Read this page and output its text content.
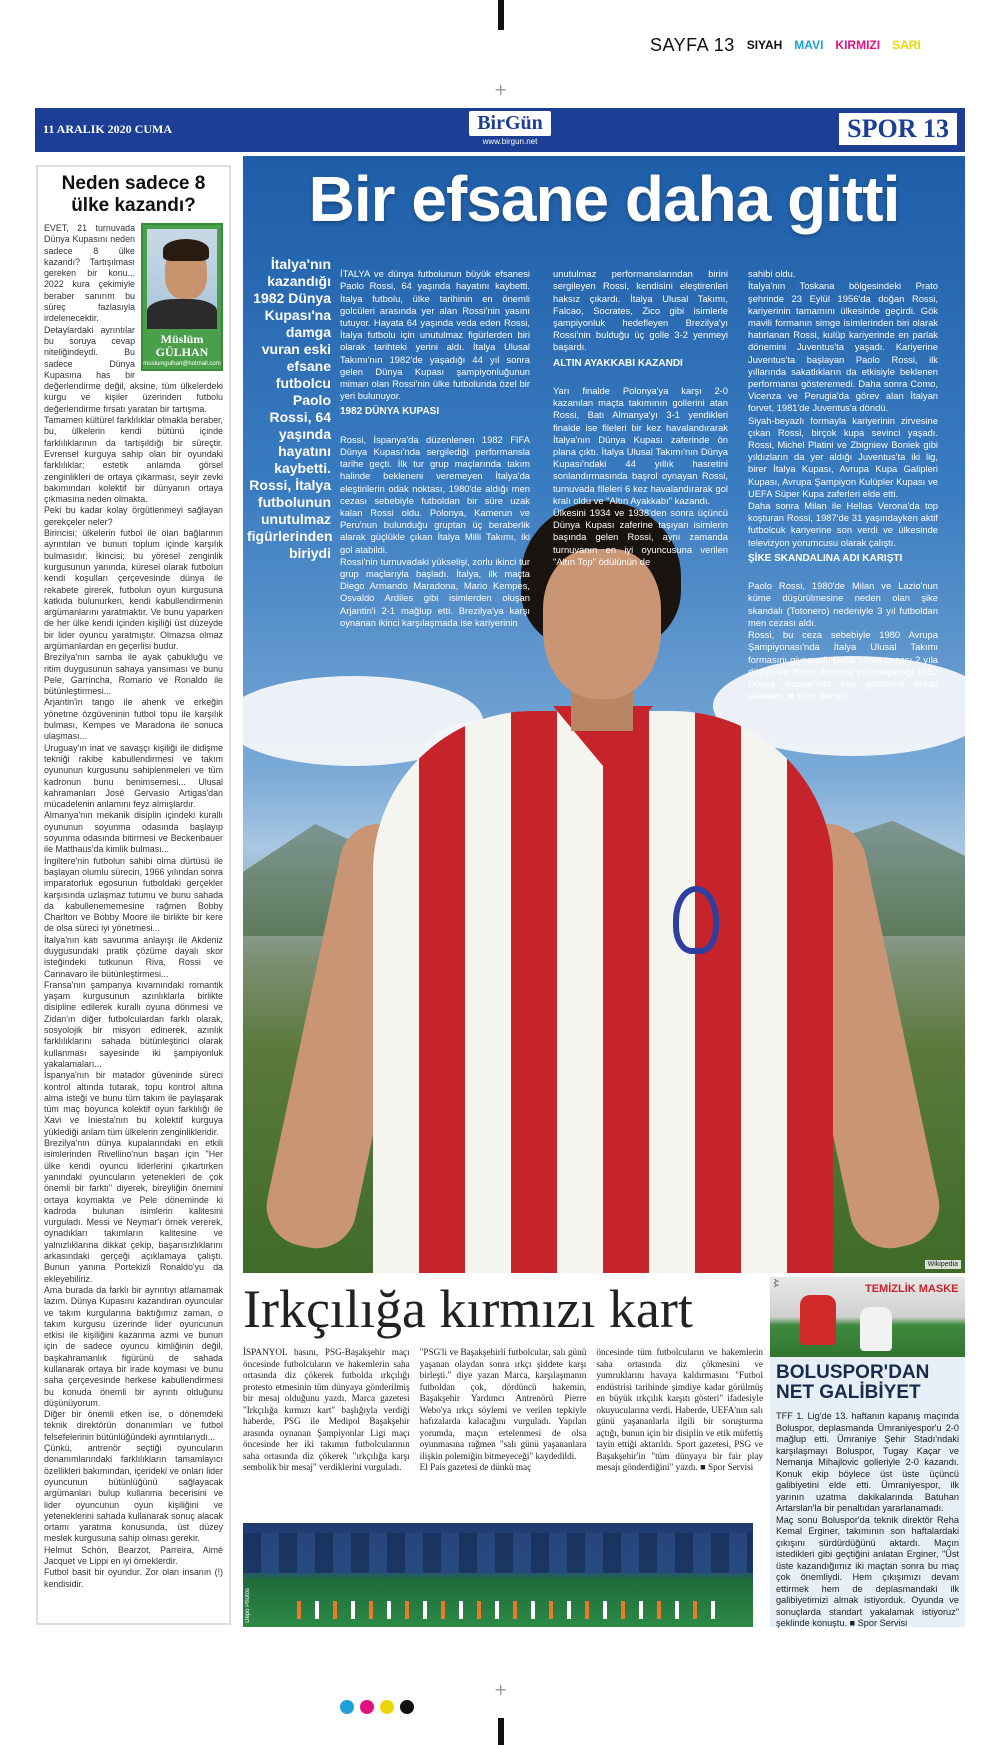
+
+
SAYFA 13 SIYAH MAVI KIRMIZI SARI
11 ARALIK 2020 CUMA	BirGün
www.birgun.net	SPOR 13
Neden sadece 8 ülke kazandı?
Müslüm GÜLHAN
muslumgulhan@hotmail.com
EVET, 21 turnuvada Dünya Kupasını neden sadece 8 ülke kazandı? Tartışılması gereken bir konu... 2022 kura çekimiyle beraber sanırım bu süreç fazlasıyla irdelenecektir.
Detaylardaki ayrıntılar bu soruya cevap niteliğindeydi. Bu sadece Dünya Kupasına has bir değerlendirme değil, aksine, tüm ülkelerdeki kurgu ve kişiler üzerinden futbolu değerlendirme fırsatı yaratan bir tartışma.
Tamamen kültürel farklılıklar olmakla beraber, bu, ülkelerin kendi bütünü içinde farklılıklarının da tartışıldığı bir süreçtir. Evrensel kurguya sahip olan bir oyundaki farklılıklar; estetik anlamda görsel zenginlikleri de ortaya çıkarması, seyir zevki bakımından kolektif bir dünyanın ortaya çıkmasına neden olmakta.
Peki bu kadar kolay örgütlenmeyi sağlayan gerekçeler neler?
Birincisi; ülkelerin futbol ile olan bağlarının ayrıntıları ve bunun toplum içinde karşılık bulmasıdır. İkincisi; bu yöresel zenginlik kurgusunun yanında, küresel olarak futbolun kendi koşulları çerçevesinde dünya ile rekabete girerek, futbolun oyun kurgusuna katkıda bulunurken, kendi kabullendirmenin argümanlarını yaratmaktır. Ve bunu yaparken de her ülke kendi içinden kişiliği üst düzeyde bir lider oyuncu yaratmıştır. Olmazsa olmaz argümanlardan en geçerlisi budur.
Brezilya'nın samba ile ayak çabukluğu ve ritim duygusunun sahaya yansıması ve bunu Pele, Garrincha, Romario ve Ronaldo ile bütünleştirmesi...
Arjantin'in tango ile ahenk ve erkeğin yönetme özgüveninin futbol topu ile karşılık bulması, Kempes ve Maradona ile sonuca ulaşması...
Uruguay'ın inat ve savaşçı kişiliği ile didişme tekniği rakibe kabullendirmesi ve takım oyununun kurgusunu sahiplenmeleri ve tüm kadronun bunu benimsemesi... Ulusal kahramanları José Gervasio Artigas'dan mücadelenin anlamını feyz almışlardır.
Almanya'nın mekanik disiplin içindeki kurallı oyununun soyunma odasında başlayıp soyunma odasında bitirmesi ve Beckenbauer ile Matthaus'da kimlik bulması...
İngiltere'nin futbolun sahibi olma dürtüsü ile başlayan olumlu sürecin, 1966 yılından sonra imparatorluk egosunun futboldaki gerçekler karşısında uzlaşmaz tutumu ve bunu sahada da kabullenememesine rağmen Bobby Charlton ve Bobby Moore ile birlikte bir kere de olsa süreci iyi yönetmesi...
İtalya'nın katı savunma anlayışı ile Akdeniz duygusundaki pratik çözüme dayalı skor isteğindeki tutkunun Riva, Rossi ve Cannavaro ile bütünleştirmesi...
Fransa'nın şampanya kıvamındaki romantik yaşam kurgusunun azınlıklarla birlikte disipline edilerek kurallı oyuna dönmesi ve Zidan'ın diğer futbolculardan farklı olarak, sosyolojik bir misyon edinerek, azınlık farklılıklarını sahada bütünleştirici olarak kullanması sayesinde iki şampiyonluk yakalamaları...
İspanya'nın bir matador güveninde süreci kontrol altında tutarak, topu kontrol altına alma isteği ve bunu tüm takım ile paylaşarak tüm maç boyunca kolektif oyun farklılığı ile Xavi ve Iniesta'nın bu kolektif kurguya yüklediği anlam tüm ülkelerin zenginlikleridir.
Brezilya'nın dünya kupalarındaki en etkili isimlerinden Rivellino'nun başarı için "Her ülke kendi oyuncu liderlerini çıkartırken yanındaki oyuncuların yetenekleri de çok önemli bir farktı" diyerek, bireyliğin önemini ortaya koymakta ve Pele döneminde ki kadroda bulunan isimlerin kalitesini vurguladı. Messi ve Neymar'ı örnek vererek, oynadıkları takımların kalitesine ve yalnızlıklarına dikkat çekip, başarısızlıklarını arkasındaki gerçeği açıklamaya çalıştı. Bunun yanına Portekizli Ronaldo'yu da ekleyebiliriz.
Ama burada da farklı bir ayrıntıyı atlamamak lazım. Dünya Kupasını kazandıran oyuncular ve takım kurgularına baktığımız zaman, o takım kurgusu üzerinde lider oyuncunun etkisi ile kişiliğini kazanma azmi ve bunun için de sadece oyuncu kimliğinin değil, başkahramanlık figürünü de sahada kullanarak ortaya bir irade koyması ve bunu saha çerçevesinde herkese kabullendirmesi bu konuda önemli bir ayrıntı olduğunu düşünüyorum.
Diğer bir önemli etken ise, o dönemdeki teknik direktörün donanımları ve futbol felsefelerinin bütünlüğündeki ayrıntılarıydı...
Çünkü, antrenör seçtiği oyuncuların donanımlarındaki farklılıkların tamamlayıcı özellikleri bakımından, içerideki ve onları lider oyuncunun bütünlüğünü sağlayacak argümanları bulup kullanma becerisini ve lider oyuncunun oyun kişiliğini ve yeteneklerini sahada kullanarak sonuç alacak ortamı yaratma konusunda, üst düzey meslek kurgusuna sahip olması gerekir.
Helmut Schön, Bearzot, Parreira, Aimé Jacquet ve Lippi en iyi örneklerdir.
Futbol basit bir oyundur. Zor olan insanın (!) kendisidir.
Bir efsane daha gitti
İtalya'nın kazandığı 1982 Dünya Kupası'na damga vuran eski efsane futbolcu Paolo Rossi, 64 yaşında hayatını kaybetti. Rossi, İtalya futbolunun unutulmaz figürlerinden biriydi

İTALYA ve dünya futbolunun büyük efsanesi Paolo Rossi, 64 yaşında hayatını kaybetti. İtalya futbolu, ülke tarihinin en önemli golcüleri arasında yer alan Rossi'nin yasını tutuyor. Hayata 64 yaşında veda eden Rossi, İtalya futbolu için unutulmaz figürlerden biri olarak tarihteki yerini aldı. İtalya Ulusal Takımı'nın 1982'de yaşadığı 44 yıl sonra gelen Dünya Kupası şampiyonluğunun mimarı olan Rossi'nin ülke futbolunda özel bir yeri bulunuyor.

1982 DÜNYA KUPASI

Rossi, İspanya'da düzenlenen 1982 FIFA Dünya Kupası'nda sergilediği performansla tarihe geçti. İlk tur grup maçlarında takım halinde bekleneni veremeyen İtalya'da eleştirilerin odak noktası, 1980'de aldığı men cezası sebebiyle futboldan bir süre uzak kalan Rossi oldu. Polonya, Kamerun ve Peru'nun bulunduğu gruptan üç beraberlik alarak güçlükle çıkan İtalya Milli Takımı, iki gol atabildi.
Rossi'nin turnuvadaki yükselişi, zorlu ikinci tur grup maçlarıyla başladı. İtalya, ilk maçta Diego Armando Maradona, Mario Kempes, Osvaldo Ardiles gibi isimlerden oluşan Arjantin'i 2-1 mağlup etti. Brezilya'ya karşı oynanan ikinci karşılaşmada ise kariyerinin

unutulmaz performanslarından birini sergileyen Rossi, kendisini eleştirenleri haksız çıkardı. İtalya Ulusal Takımı, Falcao, Socrates, Zico gibi isimlerle şampiyonluk hedefleyen Brezilya'yı Rossi'nin bulduğu üç golle 3-2 yenmeyi başardı.

ALTIN AYAKKABI KAZANDI

Yarı finalde Polonya'ya karşı 2-0 kazanılan maçta takımının gollerini atan Rossi, Batı Almanya'yı 3-1 yendikleri finalde ise fileleri bir kez havalandırarak İtalya'nın Dünya Kupası zaferinde ön plana çıktı. İtalya Ulusal Takımı'nın Dünya Kupası'ndaki 44 yıllık hasretini sonlandırmasında başrol oynayan Rossi, turnuvada fileleri 6 kez havalandırarak gol kralı oldu ve "Altın Ayakkabı" kazandı.
Ülkesini 1934 ve 1938'den sonra üçüncü Dünya Kupası zaferine taşıyan isimlerin başında gelen Rossi, aynı zamanda turnuvanın en iyi oyuncusuna verilen "Altın Top" ödülünün de

sahibi oldu.
İtalya'nın Toskana bölgesindeki Prato şehrinde 23 Eylül 1956'da doğan Rossi, kariyerinin tamamını ülkesinde geçirdi. Gök mavili formanın simge isimlerinden biri olarak hatırlanan Rossi, kulüp kariyerinde en parlak dönemini Juventus'ta yaşadı. Kariyerine Juventus'ta başlayan Paolo Rossi, ilk yıllarında sakatlıkların da etkisiyle beklenen performansı gösteremedi. Daha sonra Como, Vicenza ve Perugia'da görev alan İtalyan forvet, 1981'de Juventus'a döndü.
Siyah-beyazlı formayla kariyerinin zirvesine çıkan Rossi, birçok kupa sevinci yaşadı. Rossi, Michel Platini ve Zbigniew Boniek gibi yıldızların da yer aldığı Juventus'ta iki lig, birer İtalya Kupası, Avrupa Kupa Galipleri Kupası, Avrupa Şampiyon Kulüpler Kupası ve UEFA Süper Kupa zaferleri elde etti.
Daha sonra Milan ile Hellas Verona'da top koşturan Rossi, 1987'de 31 yaşındayken aktif futbolcuk kariyerine son verdi ve ülkesinde televizyon yorumcusu olarak çalıştı.

ŞİKE SKANDALINA ADI KARIŞTI

Paolo Rossi, 1980'de Milan ve Lazio'nun küme düşürülmesine neden olan şike skandalı (Totonero) nedeniyle 3 yıl futboldan men cezası aldı.
Rossi, bu ceza sebebiyle 1980 Avrupa Şampiyonası'nda İtalya Ulusal Takımı formasını giyemedi. Daha sonra cezası 2 yıla düşürülen Rossi, böylece yıldızlaşacağı 1982 Dünya Kupası'nda boy gösterme fırsatı yakaladı. ■ Spor Servisi

Wikipedia
Irkçılığa kırmızı kart
İSPANYOL basını, PSG-Başakşehir maçı öncesinde futbolcuların ve hakemlerin saha ortasında diz çökerek futbolda ırkçılığı protesto etmesinin tüm dünyaya gönderilmiş bir mesaj olduğunu yazdı. Marca gazetesi "Irkçılığa kırmızı kart" başlığıyla verdiği haberde, PSG ile Medipol Başakşehir arasında oynanan Şampiyonlar Ligi maçı öncesinde her iki takımın futbolcularının saha ortasında diz çökerek "ırkçılığa karşı sembolik bir mesaj" verdiklerini vurguladı.
"PSG'li ve Başakşehirli futbolcular, salı günü yaşanan olaydan sonra ırkçı şiddete karşı birleşti." diye yazan Marca, karşılaşmanın futboldan çok, dördüncü hakemin, Başakşehir Yardımcı Antrenörü Pierre Webo'ya ırkçı söylemi ve verilen tepkiyle hafızalarda kalacağını vurguladı. Yapılan yorumda, maçın ertelenmesi de olsa oyunmasına rağmen "salı günü yaşananlara ilişkin polemiğin bitmeyeceği" kaydedildi.
El País gazetesi de dünkü maç
öncesinde tüm futbolcuların ve hakemlerin saha ortasında diz çökmesini ve yumruklarını havaya kaldırmasını "Futbol endüstrisi tarihinde şimdiye kadar görülmüş en büyük ırkçılık karşıtı gösteri" ifadesiyle okuyucularına verdi. Haberde, UEFA'nın salı günü yaşananlarla ilgili bir soruşturma açtığı, bunun için bir disiplin ve etik müfettiş tayin ettiği aktarıldı. Sport gazetesi, PSG ve Başakşehir'in "tüm dünyaya bir fair play mesajı gönderdiğini" yazdı. ■ Spor Servisi
Depo Photos
AA	TEMİZLİK MASKE
BOLUSPOR'DAN NET GALİBİYET
TFF 1. Lig'de 13. haftanın kapanış maçında Boluspor, deplasmanda Ümraniyespor'u 2-0 mağlup etti. Ümraniye Şehir Stadı'ndaki karşılaşmayı Boluspor, Tugay Kaçar ve Nemanja Mihajlovic golleriyle 2-0 kazandı. Konuk ekip böylece üst üste üçüncü galibiyetini elde etti. Ümraniyespor, ilk yarının uzatma dakikalarında Batuhan Artarslan'la bir penaltıdan yararlanamadı.
Maç sonu Boluspor'da teknik direktör Reha Kemal Erginer, takımının son haftalardaki çıkışını sürdürdüğünü aktardı. Maçın istedikleri gibi geçtiğini anlatan Erginer, "Üst üste kazandığımız iki maçtan sonra bu maç çok önemliydi. Hem çıkışımızı devam ettirmek hem de deplasmandaki ilk galibiyetimizi almak istiyorduk. Oyunda ve sonuçlarda standart yakalamak istiyoruz" şeklinde konuştu. ■ Spor Servisi
